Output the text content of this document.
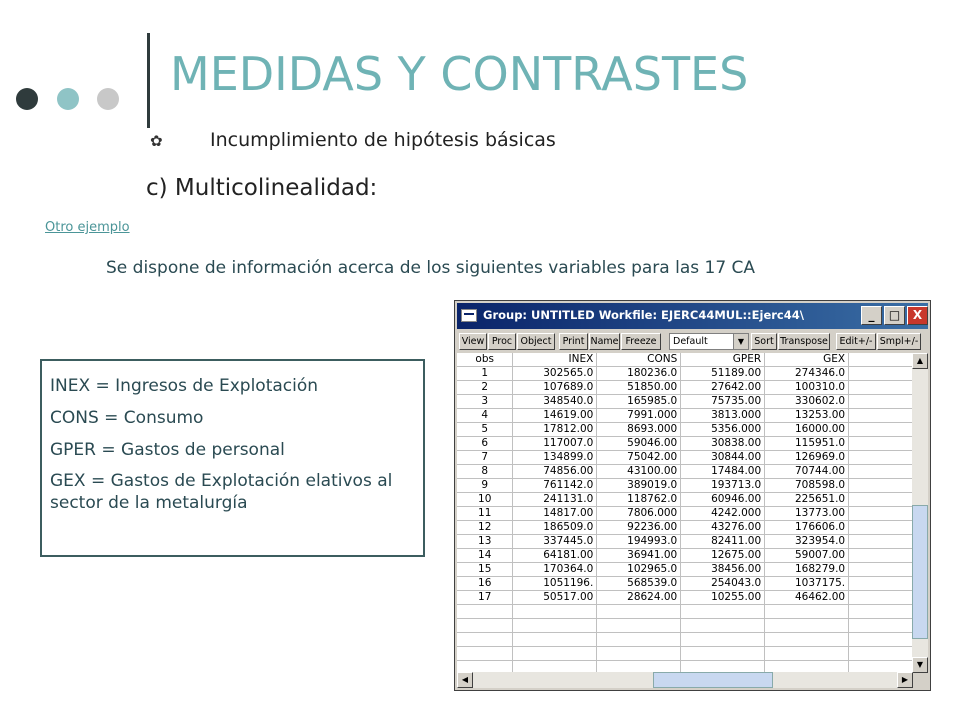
MEDIDAS Y CONTRASTES
✿ Incumplimiento de hipótesis básicas
c) Multicolinealidad:
Otro ejemplo
Se dispone de información acerca de los siguientes variables para las 17 CA
INEX = Ingresos de Explotación
CONS = Consumo
GPER = Gastos de personal
GEX = Gastos de Explotación elativos al sector de la metalurgía
Group: UNTITLED Workfile: EJERC44MUL::Ejerc44\	_	□	X
View Proc Object	Print Name Freeze	Default	▼	Sort Transpose	Edit+/- Smpl+/-
obs	INEX	CONS	GPER	GEX	
1	302565.0	180236.0	51189.00	274346.0	
2	107689.0	51850.00	27642.00	100310.0	
3	348540.0	165985.0	75735.00	330602.0	
4	14619.00	7991.000	3813.000	13253.00	
5	17812.00	8693.000	5356.000	16000.00	
6	117007.0	59046.00	30838.00	115951.0	
7	134899.0	75042.00	30844.00	126969.0	
8	74856.00	43100.00	17484.00	70744.00	
9	761142.0	389019.0	193713.0	708598.0	
10	241131.0	118762.0	60946.00	225651.0	
11	14817.00	7806.000	4242.000	13773.00	
12	186509.0	92236.00	43276.00	176606.0	
13	337445.0	194993.0	82411.00	323954.0	
14	64181.00	36941.00	12675.00	59007.00	
15	170364.0	102965.0	38456.00	168279.0	
16	1051196.	568539.0	254043.0	1037175.	
17	50517.00	28624.00	10255.00	46462.00	

▲
▼
◀	▶
